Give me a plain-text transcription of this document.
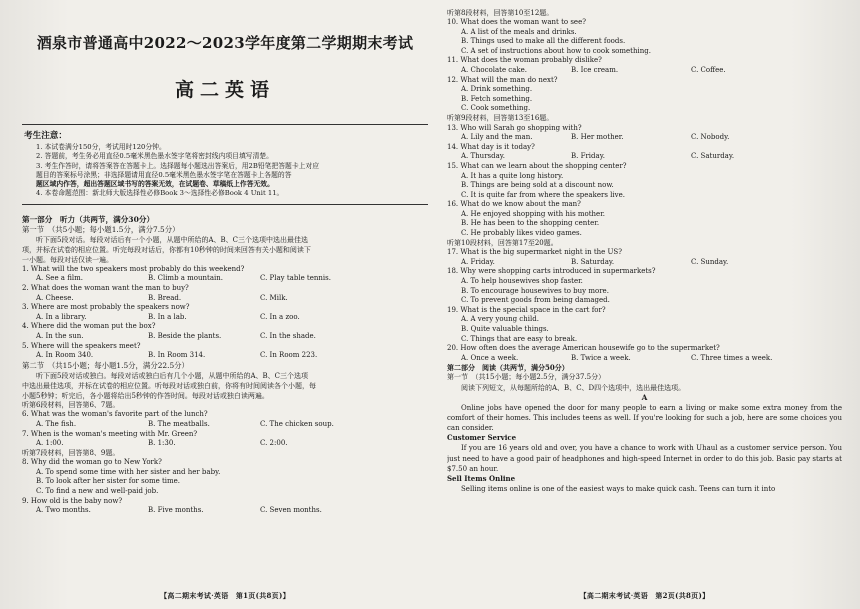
酒泉市普通高中2022～2023学年度第二学期期末考试
高二英语
考生注意：
1. 本试卷满分150分，考试用时120分钟。
2. 答题前，考生务必用直径0.5毫米黑色墨水签字笔将密封线内项目填写清楚。
3. 考生作答时，请将答案答在答题卡上。选择题每小题选出答案后，用2B铅笔把答题卡上对应
题目的答案标号涂黑；非选择题请用直径0.5毫米黑色墨水签字笔在答题卡上各题的答
题区域内作答，超出答题区域书写的答案无效，在试题卷、草稿纸上作答无效。
4. 本卷命题范围：新北师大版选择性必修Book 3～选择性必修Book 4 Unit 11。
第一部分　听力（共两节，满分30分）
第一节　（共5小题；每小题1.5分，满分7.5分）
听下面5段对话。每段对话后有一个小题，从题中所给的A、B、C三个选项中选出最佳选
项，并标在试卷的相应位置。听完每段对话后，你都有10秒钟的时间来回答有关小题和阅读下
一小题。每段对话仅读一遍。
1. What will the two speakers most probably do this weekend?
A. See a film.	B. Climb a mountain.	C. Play table tennis.
2. What does the woman want the man to buy?
A. Cheese.	B. Bread.	C. Milk.
3. Where are most probably the speakers now?
A. In a library.	B. In a lab.	C. In a zoo.
4. Where did the woman put the box?
A. In the sun.	B. Beside the plants.	C. In the shade.
5. Where will the speakers meet?
A. In Room 340.	B. In Room 314.	C. In Room 223.
第二节　（共15小题；每小题1.5分，满分22.5分）
听下面5段对话或独白。每段对话或独白后有几个小题，从题中所给的A、B、C三个选项
中选出最佳选项，并标在试卷的相应位置。听每段对话或独白前，你将有时间阅读各个小题，每
小题5秒钟；听完后，各小题将给出5秒钟的作答时间。每段对话或独白读两遍。
听第6段材料，回答第6、7题。
6. What was the woman's favorite part of the lunch?
A. The fish.	B. The meatballs.	C. The chicken soup.
7. When is the woman's meeting with Mr. Green?
A. 1:00.	B. 1:30.	C. 2:00.
听第7段材料，回答第8、9题。
8. Why did the woman go to New York?
A. To spend some time with her sister and her baby.
B. To look after her sister for some time.
C. To find a new and well-paid job.
9. How old is the baby now?
A. Two months.	B. Five months.	C. Seven months.
【高二期末考试·英语　第1页(共8页)】
听第8段材料，回答第10至12题。
10. What does the woman want to see?
A. A list of the meals and drinks.
B. Things used to make all the different foods.
C. A set of instructions about how to cook something.
11. What does the woman probably dislike?
A. Chocolate cake.	B. Ice cream.	C. Coffee.
12. What will the man do next?
A. Drink something.
B. Fetch something.
C. Cook something.
听第9段材料，回答第13至16题。
13. Who will Sarah go shopping with?
A. Lily and the man.	B. Her mother.	C. Nobody.
14. What day is it today?
A. Thursday.	B. Friday.	C. Saturday.
15. What can we learn about the shopping center?
A. It has a quite long history.
B. Things are being sold at a discount now.
C. It is quite far from where the speakers live.
16. What do we know about the man?
A. He enjoyed shopping with his mother.
B. He has been to the shopping center.
C. He probably likes video games.
听第10段材料，回答第17至20题。
17. What is the big supermarket night in the US?
A. Friday.	B. Saturday.	C. Sunday.
18. Why were shopping carts introduced in supermarkets?
A. To help housewives shop faster.
B. To encourage housewives to buy more.
C. To prevent goods from being damaged.
19. What is the special space in the cart for?
A. A very young child.
B. Quite valuable things.
C. Things that are easy to break.
20. How often does the average American housewife go to the supermarket?
A. Once a week.	B. Twice a week.	C. Three times a week.
第二部分　阅读（共两节，满分50分）
第一节　（共15小题；每小题2.5分，满分37.5分）
阅读下列短文，从每题所给的A、B、C、D四个选项中，选出最佳选项。
A
Online jobs have opened the door for many people to earn a living or make some extra money from the comfort of their homes. This includes teens as well. If you're looking for such a job, here are some choices you can consider.
Customer Service
If you are 16 years old and over, you have a chance to work with Uhaul as a customer service person. You just need to have a good pair of headphones and high-speed Internet in order to do this job. Basic pay starts at $7.50 an hour.
Sell Items Online
Selling items online is one of the easiest ways to make quick cash. Teens can turn it into
【高二期末考试·英语　第2页(共8页)】
